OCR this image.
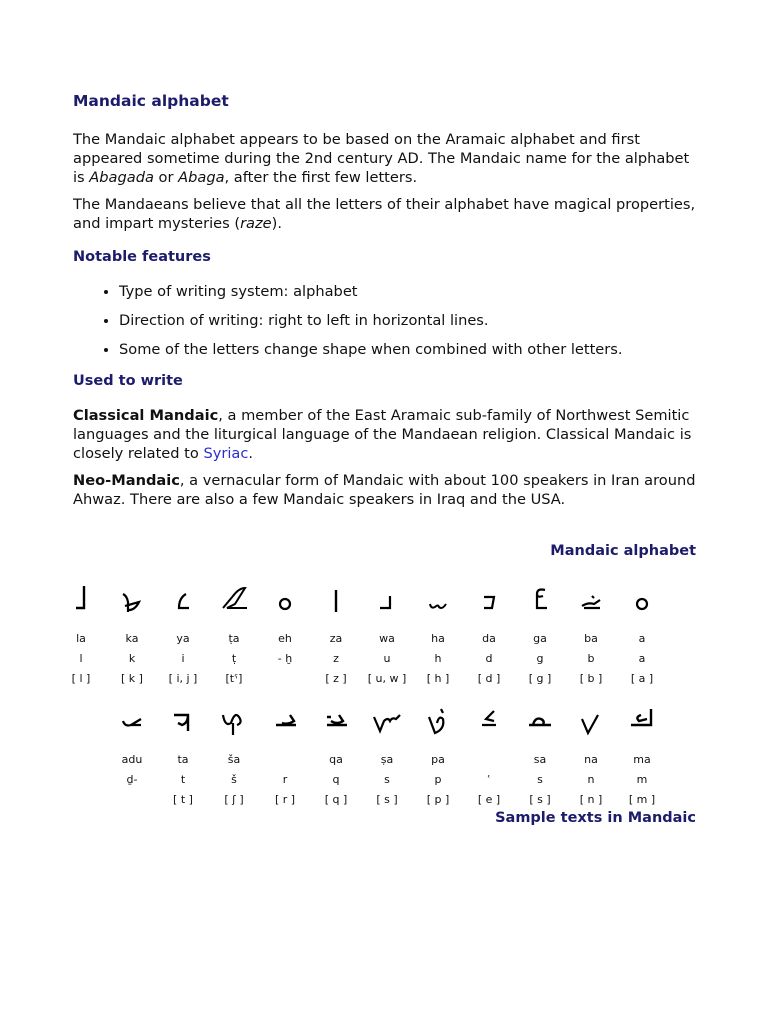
Mandaic alphabet

The Mandaic alphabet appears to be based on the Aramaic alphabet and first appeared sometime during the 2nd century AD. The Mandaic name for the alphabet is Abagada or Abaga, after the first few letters.

The Mandaeans believe that all the letters of their alphabet have magical properties, and impart mysteries (raze).

Notable features
• Type of writing system: alphabet
• Direction of writing: right to left in horizontal lines.
• Some of the letters change shape when combined with other letters.
Used to write

Classical Mandaic, a member of the East Aramaic sub-family of Northwest Semitic languages and the liturgical language of the Mandaean religion. Classical Mandaic is closely related to Syriac.

Neo-Mandaic, a vernacular form of Mandaic with about 100 speakers in Iran around Ahwaz. There are also a few Mandaic speakers in Iraq and the USA.

Mandaic alphabet
la
l
[ l ]
ka
k
[ k ]
ya
i
[ i, j ]
ṭa
ṭ
[tˤ]
eh
- ḫ
za
z
[ z ]
wa
u
[ u, w ]
ha
h
[ h ]
da
d
[ d ]
ga
g
[ g ]
ba
b
[ b ]
a
a
[ a ]
adu
ḏ-
ta
t
[ t ]
ša
š
[ ʃ ]
r
[ r ]
qa
q
[ q ]
ṣa
s
[ s ]
pa
p
[ p ]
ʿ
[ e ]
sa
s
[ s ]
na
n
[ n ]
ma
m
[ m ]
Sample texts in Mandaic
